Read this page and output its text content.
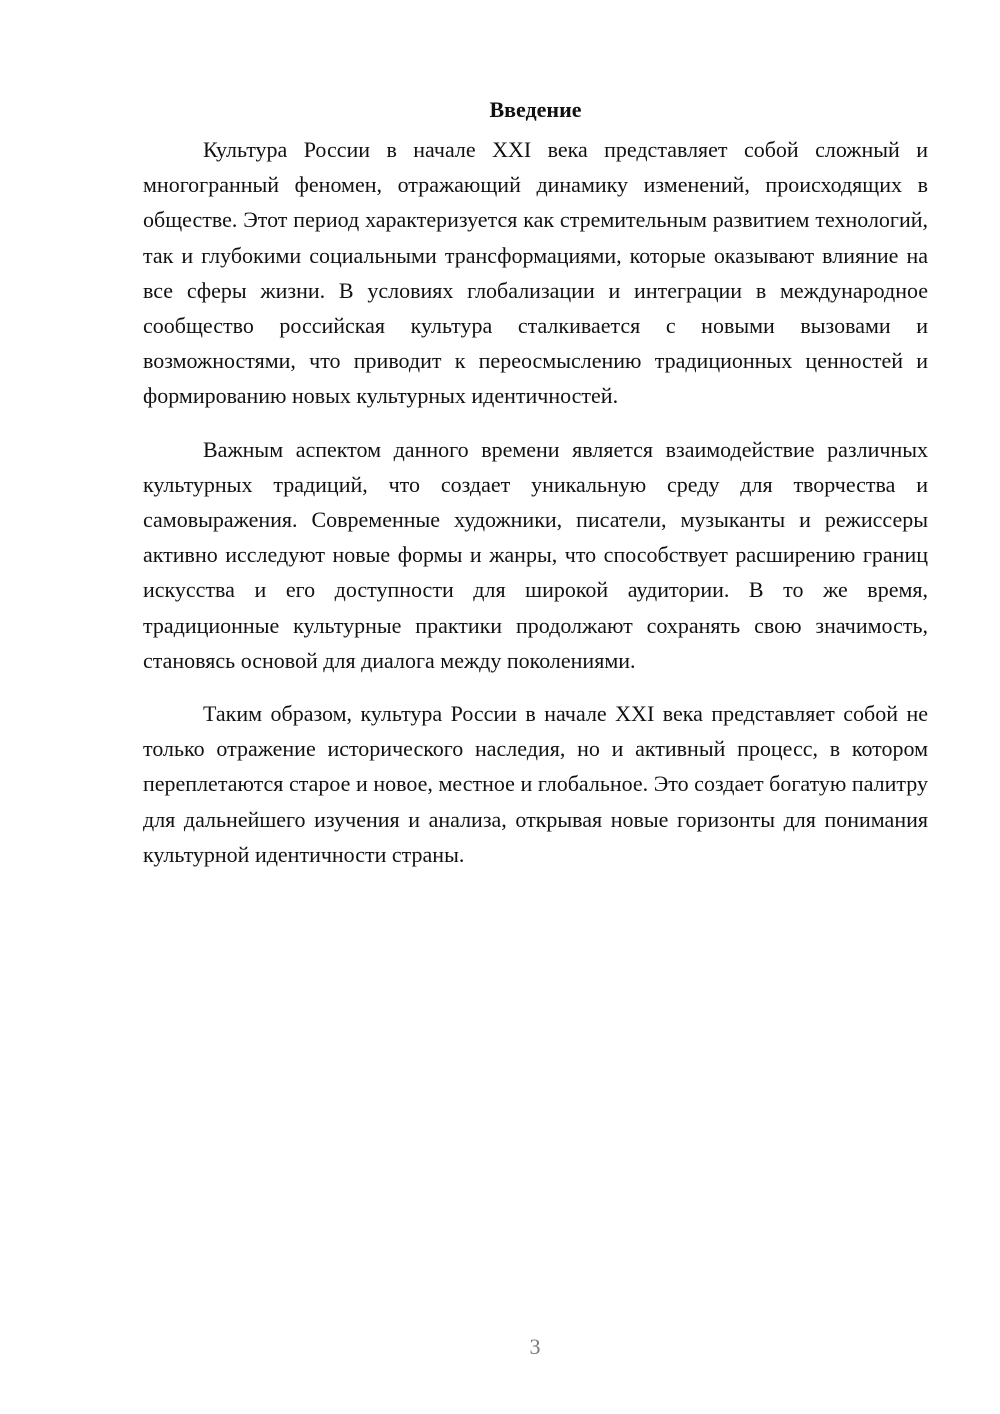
Введение

Культура России в начале XXI века представляет собой сложный и многогранный феномен, отражающий динамику изменений, происходящих в обществе. Этот период характеризуется как стремительным развитием технологий, так и глубокими социальными трансформациями, которые оказывают влияние на все сферы жизни. В условиях глобализации и интеграции в международное сообщество российская культура сталкивается с новыми вызовами и возможностями, что приводит к переосмыслению традиционных ценностей и формированию новых культурных идентичностей.

Важным аспектом данного времени является взаимодействие различных культурных традиций, что создает уникальную среду для творчества и самовыражения. Современные художники, писатели, музыканты и режиссеры активно исследуют новые формы и жанры, что способствует расширению границ искусства и его доступности для широкой аудитории. В то же время, традиционные культурные практики продолжают сохранять свою значимость, становясь основой для диалога между поколениями.

Таким образом, культура России в начале XXI века представляет собой не только отражение исторического наследия, но и активный процесс, в котором переплетаются старое и новое, местное и глобальное. Это создает богатую палитру для дальнейшего изучения и анализа, открывая новые горизонты для понимания культурной идентичности страны.

3
